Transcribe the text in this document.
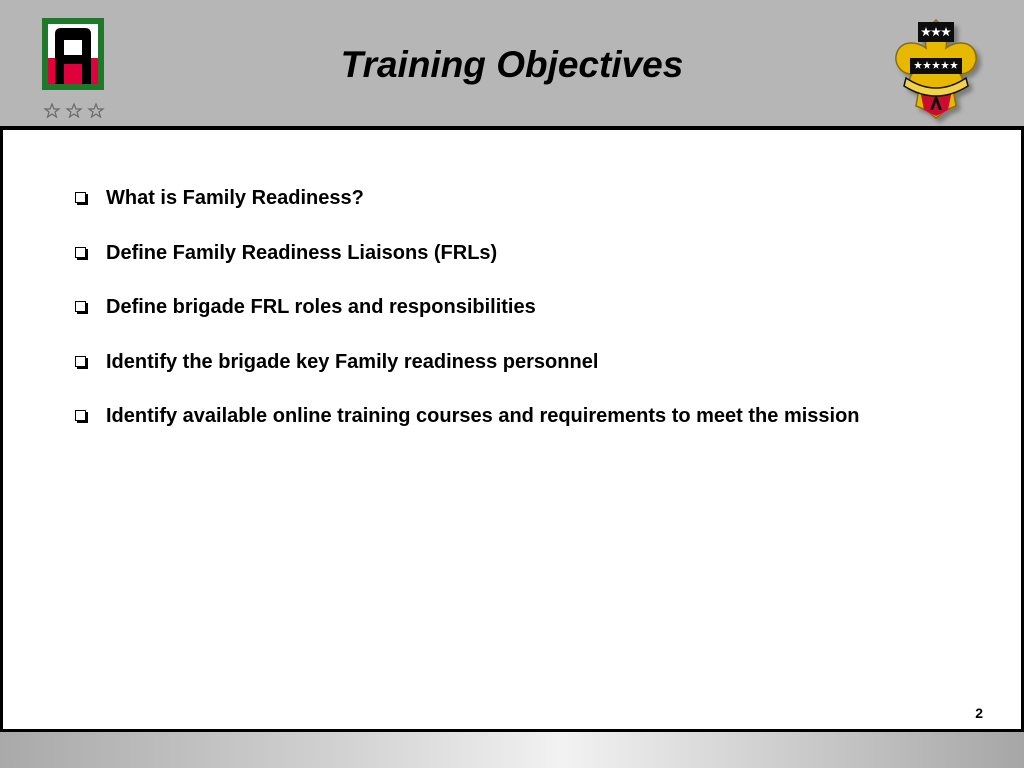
Training Objectives
What is Family Readiness?
Define Family Readiness Liaisons (FRLs)
Define brigade FRL roles and responsibilities
Identify the brigade key Family readiness personnel
Identify available online training courses and requirements to meet the mission
2
